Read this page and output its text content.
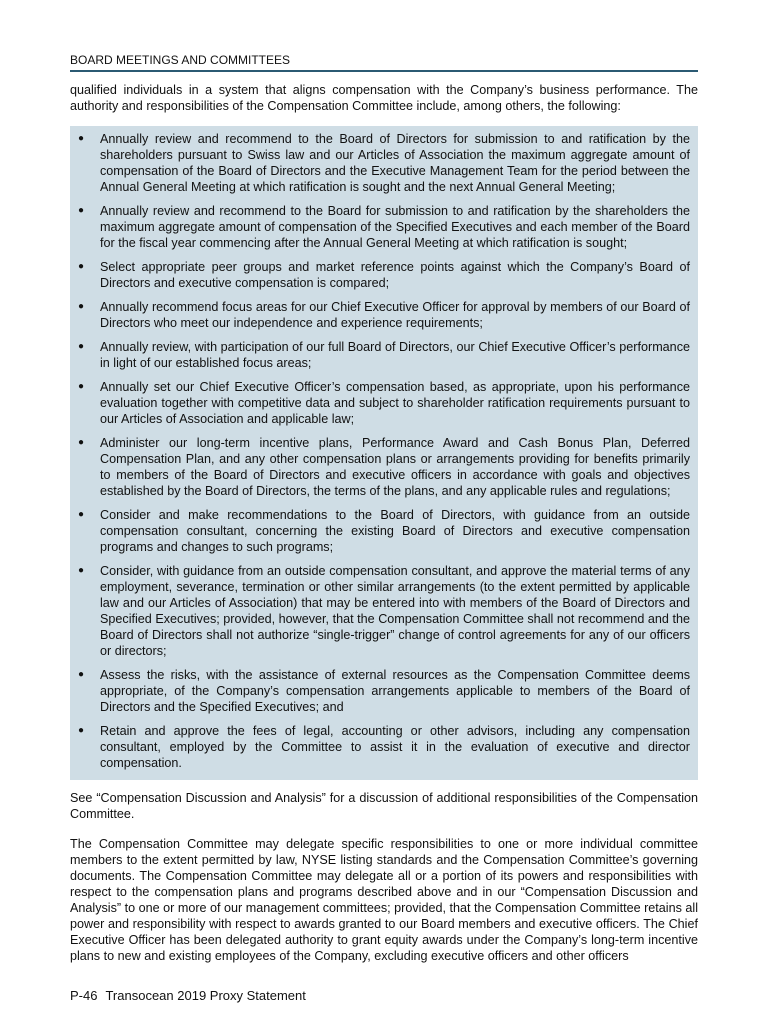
BOARD MEETINGS AND COMMITTEES
qualified individuals in a system that aligns compensation with the Company’s business performance. The authority and responsibilities of the Compensation Committee include, among others, the following:
●	Annually review and recommend to the Board of Directors for submission to and ratification by the shareholders pursuant to Swiss law and our Articles of Association the maximum aggregate amount of compensation of the Board of Directors and the Executive Management Team for the period between the Annual General Meeting at which ratification is sought and the next Annual General Meeting;
●	Annually review and recommend to the Board for submission to and ratification by the shareholders the maximum aggregate amount of compensation of the Specified Executives and each member of the Board for the fiscal year commencing after the Annual General Meeting at which ratification is sought;
●	Select appropriate peer groups and market reference points against which the Company’s Board of Directors and executive compensation is compared;
●	Annually recommend focus areas for our Chief Executive Officer for approval by members of our Board of Directors who meet our independence and experience requirements;
●	Annually review, with participation of our full Board of Directors, our Chief Executive Officer’s performance in light of our established focus areas;
●	Annually set our Chief Executive Officer’s compensation based, as appropriate, upon his performance evaluation together with competitive data and subject to shareholder ratification requirements pursuant to our Articles of Association and applicable law;
●	Administer our long-term incentive plans, Performance Award and Cash Bonus Plan, Deferred Compensation Plan, and any other compensation plans or arrangements providing for benefits primarily to members of the Board of Directors and executive officers in accordance with goals and objectives established by the Board of Directors, the terms of the plans, and any applicable rules and regulations;
●	Consider and make recommendations to the Board of Directors, with guidance from an outside compensation consultant, concerning the existing Board of Directors and executive compensation programs and changes to such programs;
●	Consider, with guidance from an outside compensation consultant, and approve the material terms of any employment, severance, termination or other similar arrangements (to the extent permitted by applicable law and our Articles of Association) that may be entered into with members of the Board of Directors and Specified Executives; provided, however, that the Compensation Committee shall not recommend and the Board of Directors shall not authorize “single-trigger” change of control agreements for any of our officers or directors;
●	Assess the risks, with the assistance of external resources as the Compensation Committee deems appropriate, of the Company’s compensation arrangements applicable to members of the Board of Directors and the Specified Executives; and
●	Retain and approve the fees of legal, accounting or other advisors, including any compensation consultant, employed by the Committee to assist it in the evaluation of executive and director compensation.
See “Compensation Discussion and Analysis” for a discussion of additional responsibilities of the Compensation Committee.
The Compensation Committee may delegate specific responsibilities to one or more individual committee members to the extent permitted by law, NYSE listing standards and the Compensation Committee’s governing documents. The Compensation Committee may delegate all or a portion of its powers and responsibilities with respect to the compensation plans and programs described above and in our “Compensation Discussion and Analysis” to one or more of our management committees; provided, that the Compensation Committee retains all power and responsibility with respect to awards granted to our Board members and executive officers. The Chief Executive Officer has been delegated authority to grant equity awards under the Company’s long-term incentive plans to new and existing employees of the Company, excluding executive officers and other officers
P-46 Transocean 2019 Proxy Statement
